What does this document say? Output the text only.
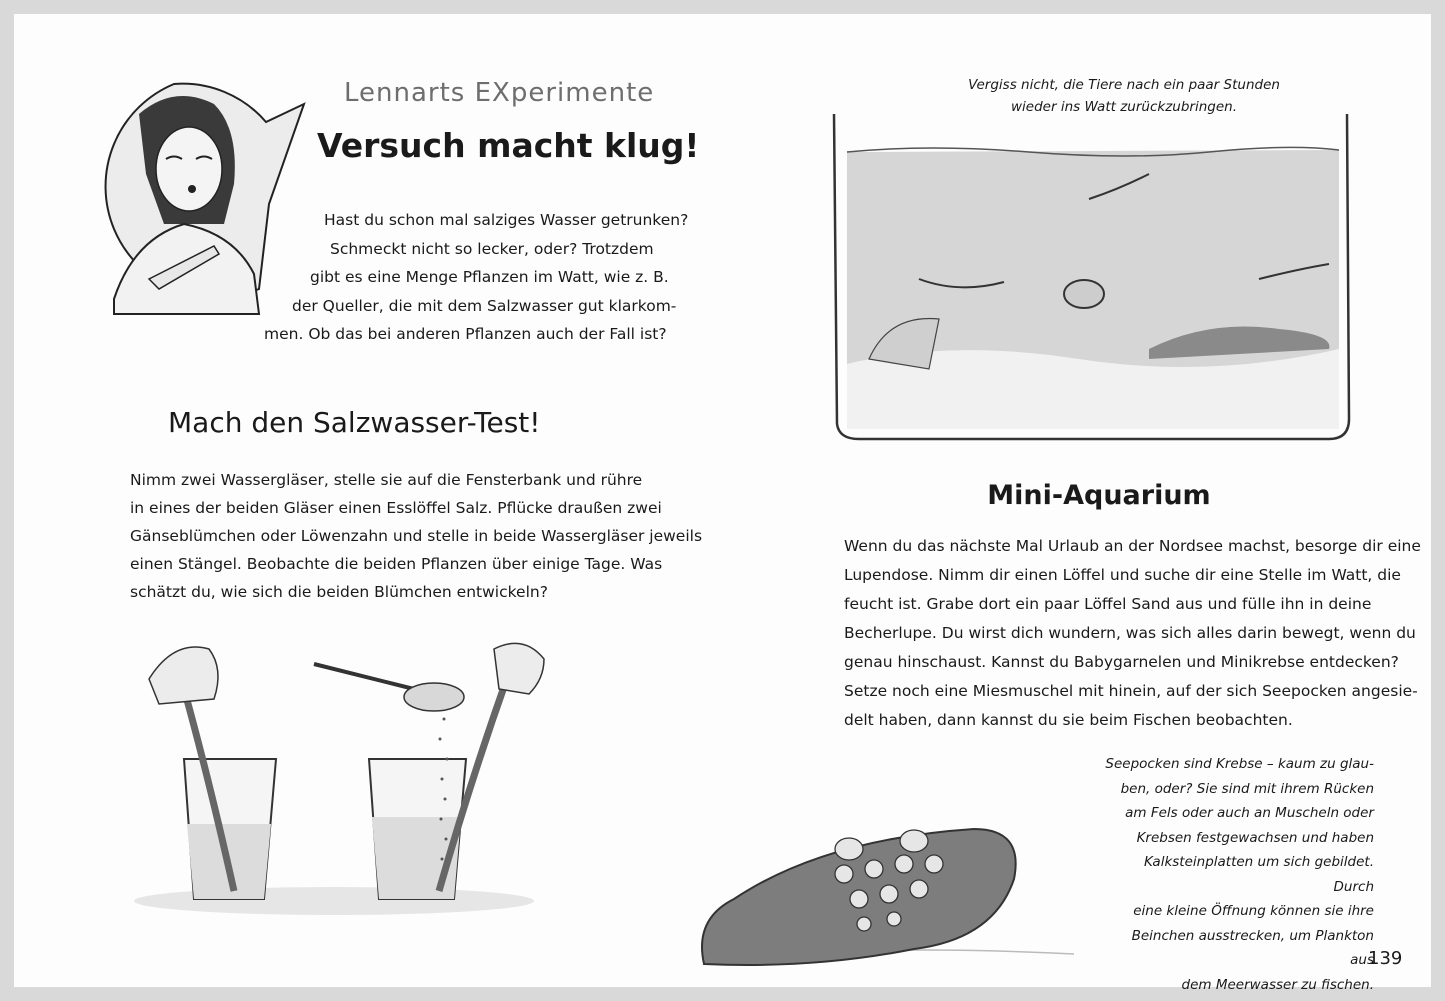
Lennarts EXperimente
Versuch macht klug!
Hast du schon mal salziges Wasser getrunken?
Schmeckt nicht so lecker, oder? Trotzdem
gibt es eine Menge Pflanzen im Watt, wie z. B.
der Queller, die mit dem Salzwasser gut klarkom-
men. Ob das bei anderen Pflanzen auch der Fall ist?
Mach den Salzwasser-Test!
Nimm zwei Wassergläser, stelle sie auf die Fensterbank und rühre
in eines der beiden Gläser einen Esslöffel Salz. Pflücke draußen zwei
Gänseblümchen oder Löwenzahn und stelle in beide Wassergläser jeweils
einen Stängel. Beobachte die beiden Pflanzen über einige Tage. Was
schätzt du, wie sich die beiden Blümchen entwickeln?
Vergiss nicht, die Tiere nach ein paar Stunden
wieder ins Watt zurückzubringen.
Mini-Aquarium
Wenn du das nächste Mal Urlaub an der Nordsee machst, besorge dir eine
Lupendose. Nimm dir einen Löffel und suche dir eine Stelle im Watt, die
feucht ist. Grabe dort ein paar Löffel Sand aus und fülle ihn in deine
Becherlupe. Du wirst dich wundern, was sich alles darin bewegt, wenn du
genau hinschaust. Kannst du Babygarnelen und Minikrebse entdecken?
Setze noch eine Miesmuschel mit hinein, auf der sich Seepocken angesie-
delt haben, dann kannst du sie beim Fischen beobachten.
Seepocken sind Krebse – kaum zu glau-
ben, oder? Sie sind mit ihrem Rücken
am Fels oder auch an Muscheln oder
Krebsen festgewachsen und haben
Kalksteinplatten um sich gebildet. Durch
eine kleine Öffnung können sie ihre
Beinchen ausstrecken, um Plankton aus
dem Meerwasser zu fischen.
139
